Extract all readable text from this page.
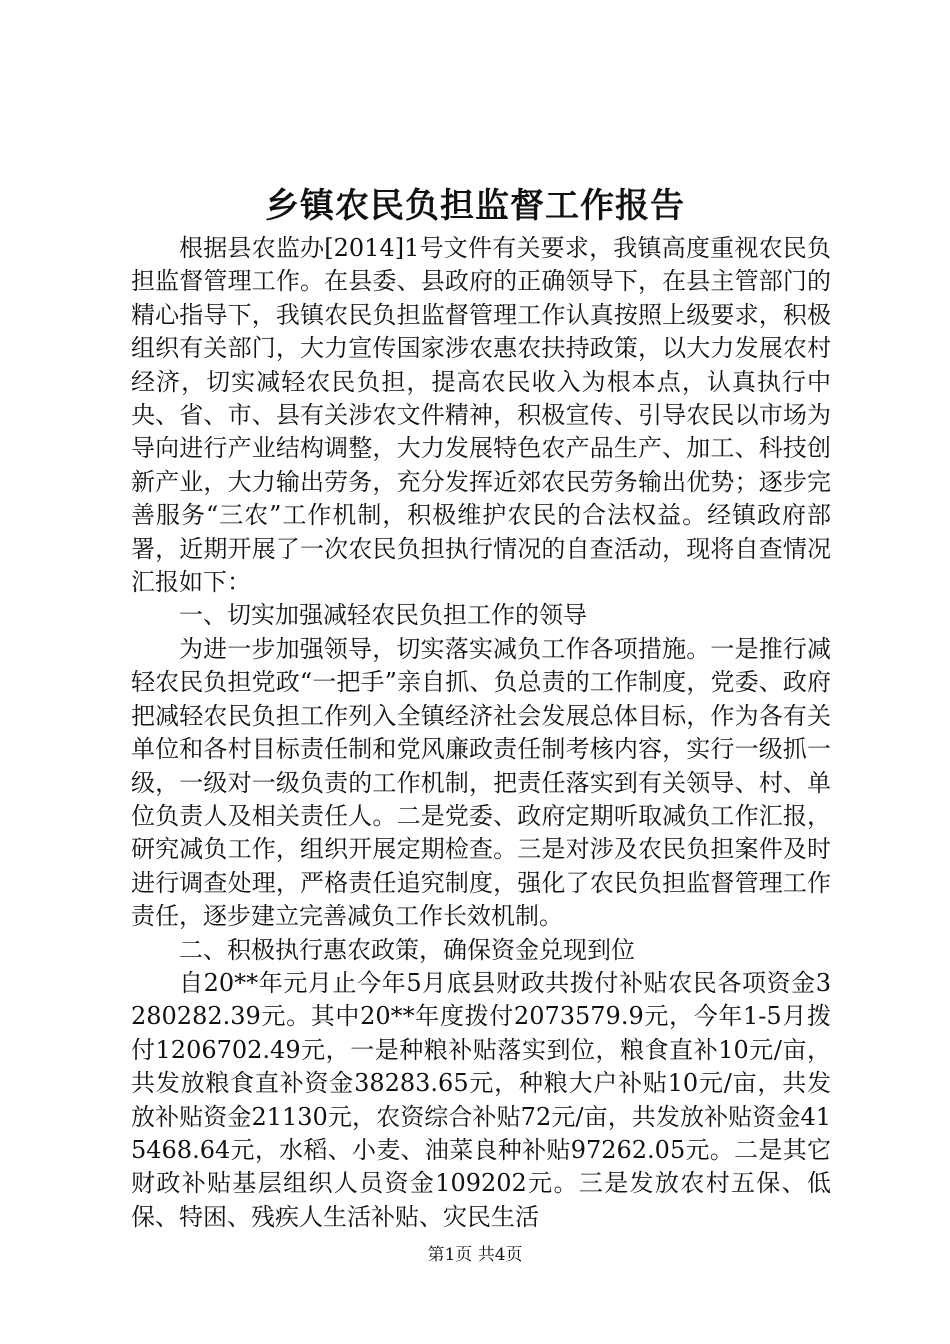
乡镇农民负担监督工作报告

根据县农监办[2014]1号文件有关要求，我镇高度重视农民负担监督管理工作。在县委、县政府的正确领导下，在县主管部门的精心指导下，我镇农民负担监督管理工作认真按照上级要求，积极组织有关部门，大力宣传国家涉农惠农扶持政策，以大力发展农村经济，切实减轻农民负担，提高农民收入为根本点，认真执行中央、省、市、县有关涉农文件精神，积极宣传、引导农民以市场为导向进行产业结构调整，大力发展特色农产品生产、加工、科技创新产业，大力输出劳务，充分发挥近郊农民劳务输出优势；逐步完善服务“三农”工作机制，积极维护农民的合法权益。经镇政府部署，近期开展了一次农民负担执行情况的自查活动，现将自查情况汇报如下：

一、切实加强减轻农民负担工作的领导

为进一步加强领导，切实落实减负工作各项措施。一是推行减轻农民负担党政“一把手”亲自抓、负总责的工作制度，党委、政府把减轻农民负担工作列入全镇经济社会发展总体目标，作为各有关单位和各村目标责任制和党风廉政责任制考核内容，实行一级抓一级，一级对一级负责的工作机制，把责任落实到有关领导、村、单位负责人及相关责任人。二是党委、政府定期听取减负工作汇报，研究减负工作，组织开展定期检查。三是对涉及农民负担案件及时进行调查处理，严格责任追究制度，强化了农民负担监督管理工作责任，逐步建立完善减负工作长效机制。

二、积极执行惠农政策，确保资金兑现到位

自20**年元月止今年5月底县财政共拨付补贴农民各项资金3280282.39元。其中20**年度拨付2073579.9元，今年1-5月拨付1206702.49元，一是种粮补贴落实到位，粮食直补10元/亩，共发放粮食直补资金38283.65元，种粮大户补贴10元/亩，共发放补贴资金21130元，农资综合补贴72元/亩，共发放补贴资金415468.64元，水稻、小麦、油菜良种补贴97262.05元。二是其它财政补贴基层组织人员资金109202元。三是发放农村五保、低保、特困、残疾人生活补贴、灾民生活

第1页 共4页
